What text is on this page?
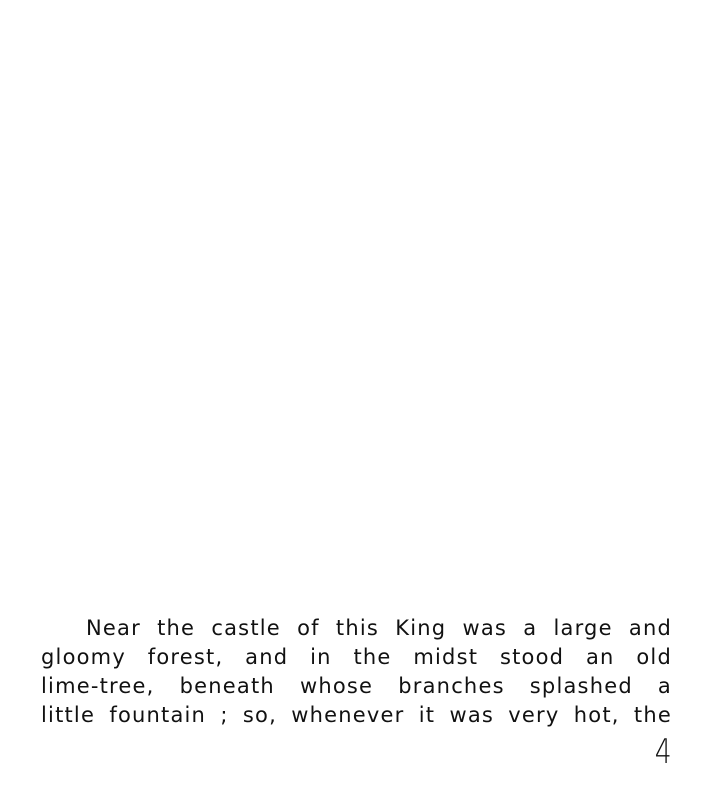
Near the castle of this King was a large and
gloomy forest, and in the midst stood an old
lime-tree, beneath whose branches splashed a
little fountain ; so, whenever it was very hot, the
4
